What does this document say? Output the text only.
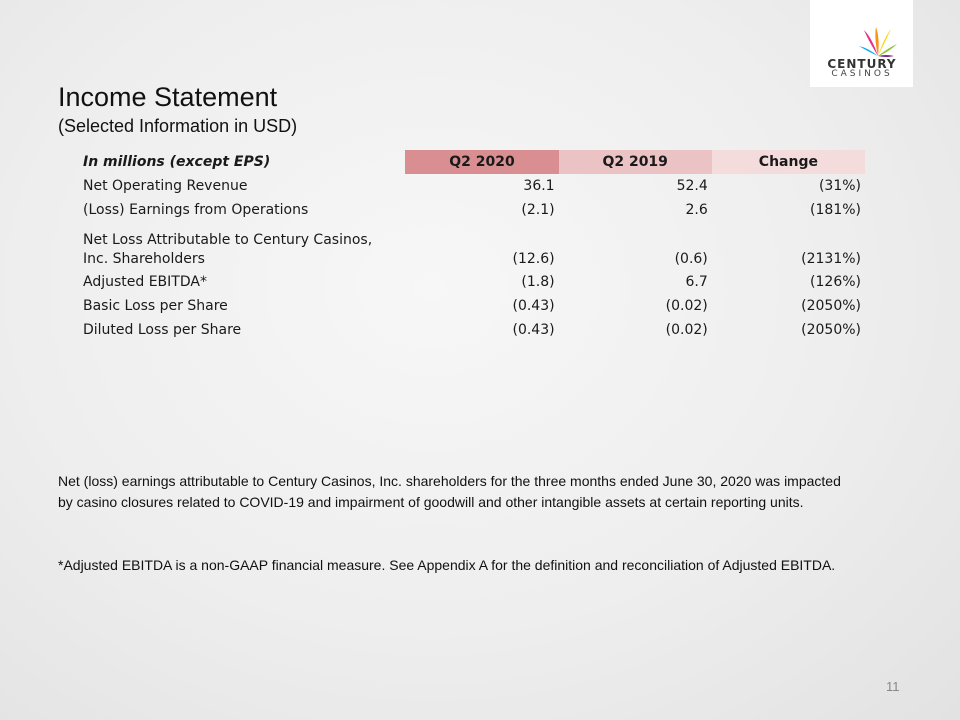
CENTURY
CASINOS
Income Statement
(Selected Information in USD)
In millions (except EPS)	Q2 2020	Q2 2019	Change
Net Operating Revenue	36.1	52.4	(31%)
(Loss) Earnings from Operations	(2.1)	2.6	(181%)
Net Loss Attributable to Century Casinos,			
Inc. Shareholders	(12.6)	(0.6)	(2131%)
Adjusted EBITDA*	(1.8)	6.7	(126%)
Basic Loss per Share	(0.43)	(0.02)	(2050%)
Diluted Loss per Share	(0.43)	(0.02)	(2050%)
Net (loss) earnings attributable to Century Casinos, Inc. shareholders for the three months ended June 30, 2020 was impacted by casino closures related to COVID-19 and impairment of goodwill and other intangible assets at certain reporting units.
*Adjusted EBITDA is a non-GAAP financial measure. See Appendix A for the definition and reconciliation of Adjusted EBITDA.
11
